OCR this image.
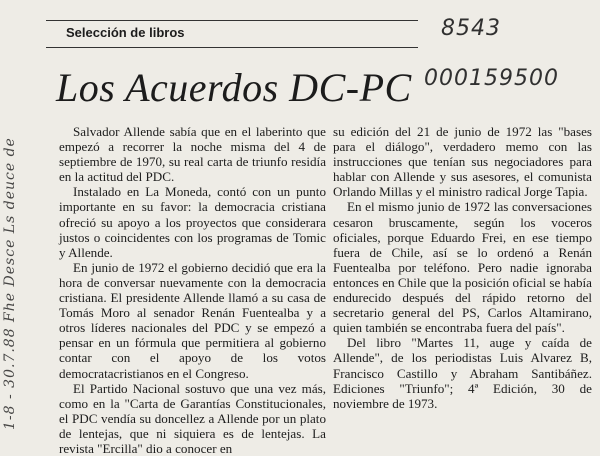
1-8 - 30.7.88 Fhe Desce Ls deuce de
8543
000159500
Selección de libros
Los Acuerdos DC-PC

Salvador Allende sabía que en el laberinto que empezó a recorrer la noche misma del 4 de septiembre de 1970, su real carta de triunfo residía en la actitud del PDC.

Instalado en La Moneda, contó con un punto importante en su favor: la democracia cristiana ofreció su apoyo a los proyectos que considerara justos o coincidentes con los programas de Tomic y Allende.

En junio de 1972 el gobierno decidió que era la hora de conversar nuevamente con la democracia cristiana. El presidente Allende llamó a su casa de Tomás Moro al senador Renán Fuentealba y a otros líderes nacionales del PDC y se empezó a pensar en un fórmula que permitiera al gobierno contar con el apoyo de los votos democratacristianos en el Congreso.

El Partido Nacional sostuvo que una vez más, como en la "Carta de Garantías Constitucionales, el PDC vendía su doncellez a Allende por un plato de lentejas, que ni siquiera es de lentejas. La revista "Ercilla" dio a conocer en

su edición del 21 de junio de 1972 las "bases para el diálogo", verdadero memo con las instrucciones que tenían sus negociadores para hablar con Allende y sus asesores, el comunista Orlando Millas y el ministro radical Jorge Tapia.

En el mismo junio de 1972 las conversaciones cesaron bruscamente, según los voceros oficiales, porque Eduardo Frei, en ese tiempo fuera de Chile, así se lo ordenó a Renán Fuentealba por teléfono. Pero nadie ignoraba entonces en Chile que la posición oficial se había endurecido después del rápido retorno del secretario general del PS, Carlos Altamirano, quien también se encontraba fuera del país".

Del libro "Martes 11, auge y caída de Allende", de los periodistas Luis Alvarez B, Francisco Castillo y Abraham Santibáñez. Ediciones "Triunfo"; 4ª Edición, 30 de noviembre de 1973.
